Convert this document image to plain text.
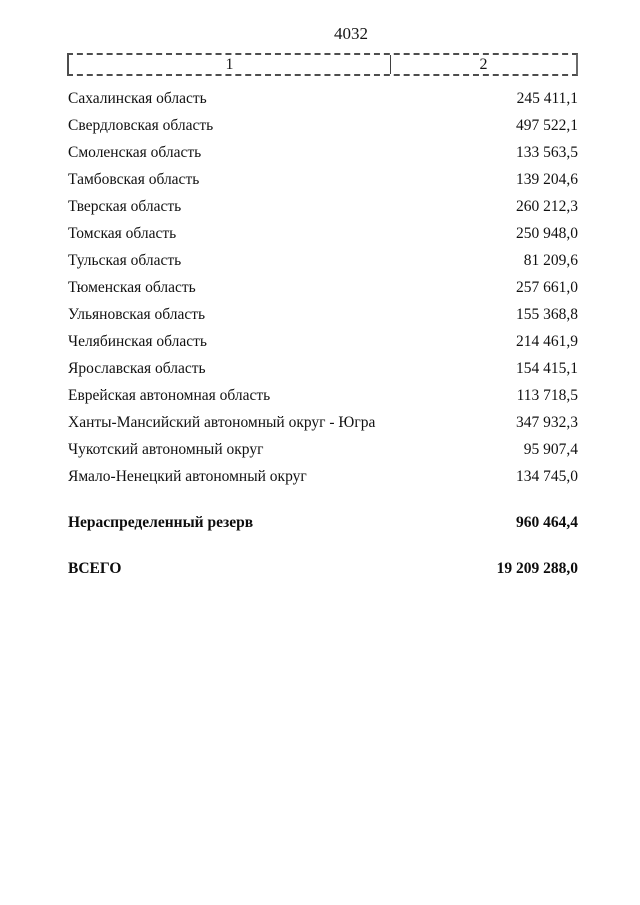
4032
1	2
Сахалинская область	245 411,1
Свердловская область	497 522,1
Смоленская область	133 563,5
Тамбовская область	139 204,6
Тверская область	260 212,3
Томская область	250 948,0
Тульская область	81 209,6
Тюменская область	257 661,0
Ульяновская область	155 368,8
Челябинская область	214 461,9
Ярославская область	154 415,1
Еврейская автономная область	113 718,5
Ханты-Мансийский автономный округ - Югра	347 932,3
Чукотский автономный округ	95 907,4
Ямало-Ненецкий автономный округ	134 745,0
Нераспределенный резерв	960 464,4
ВСЕГО	19 209 288,0
